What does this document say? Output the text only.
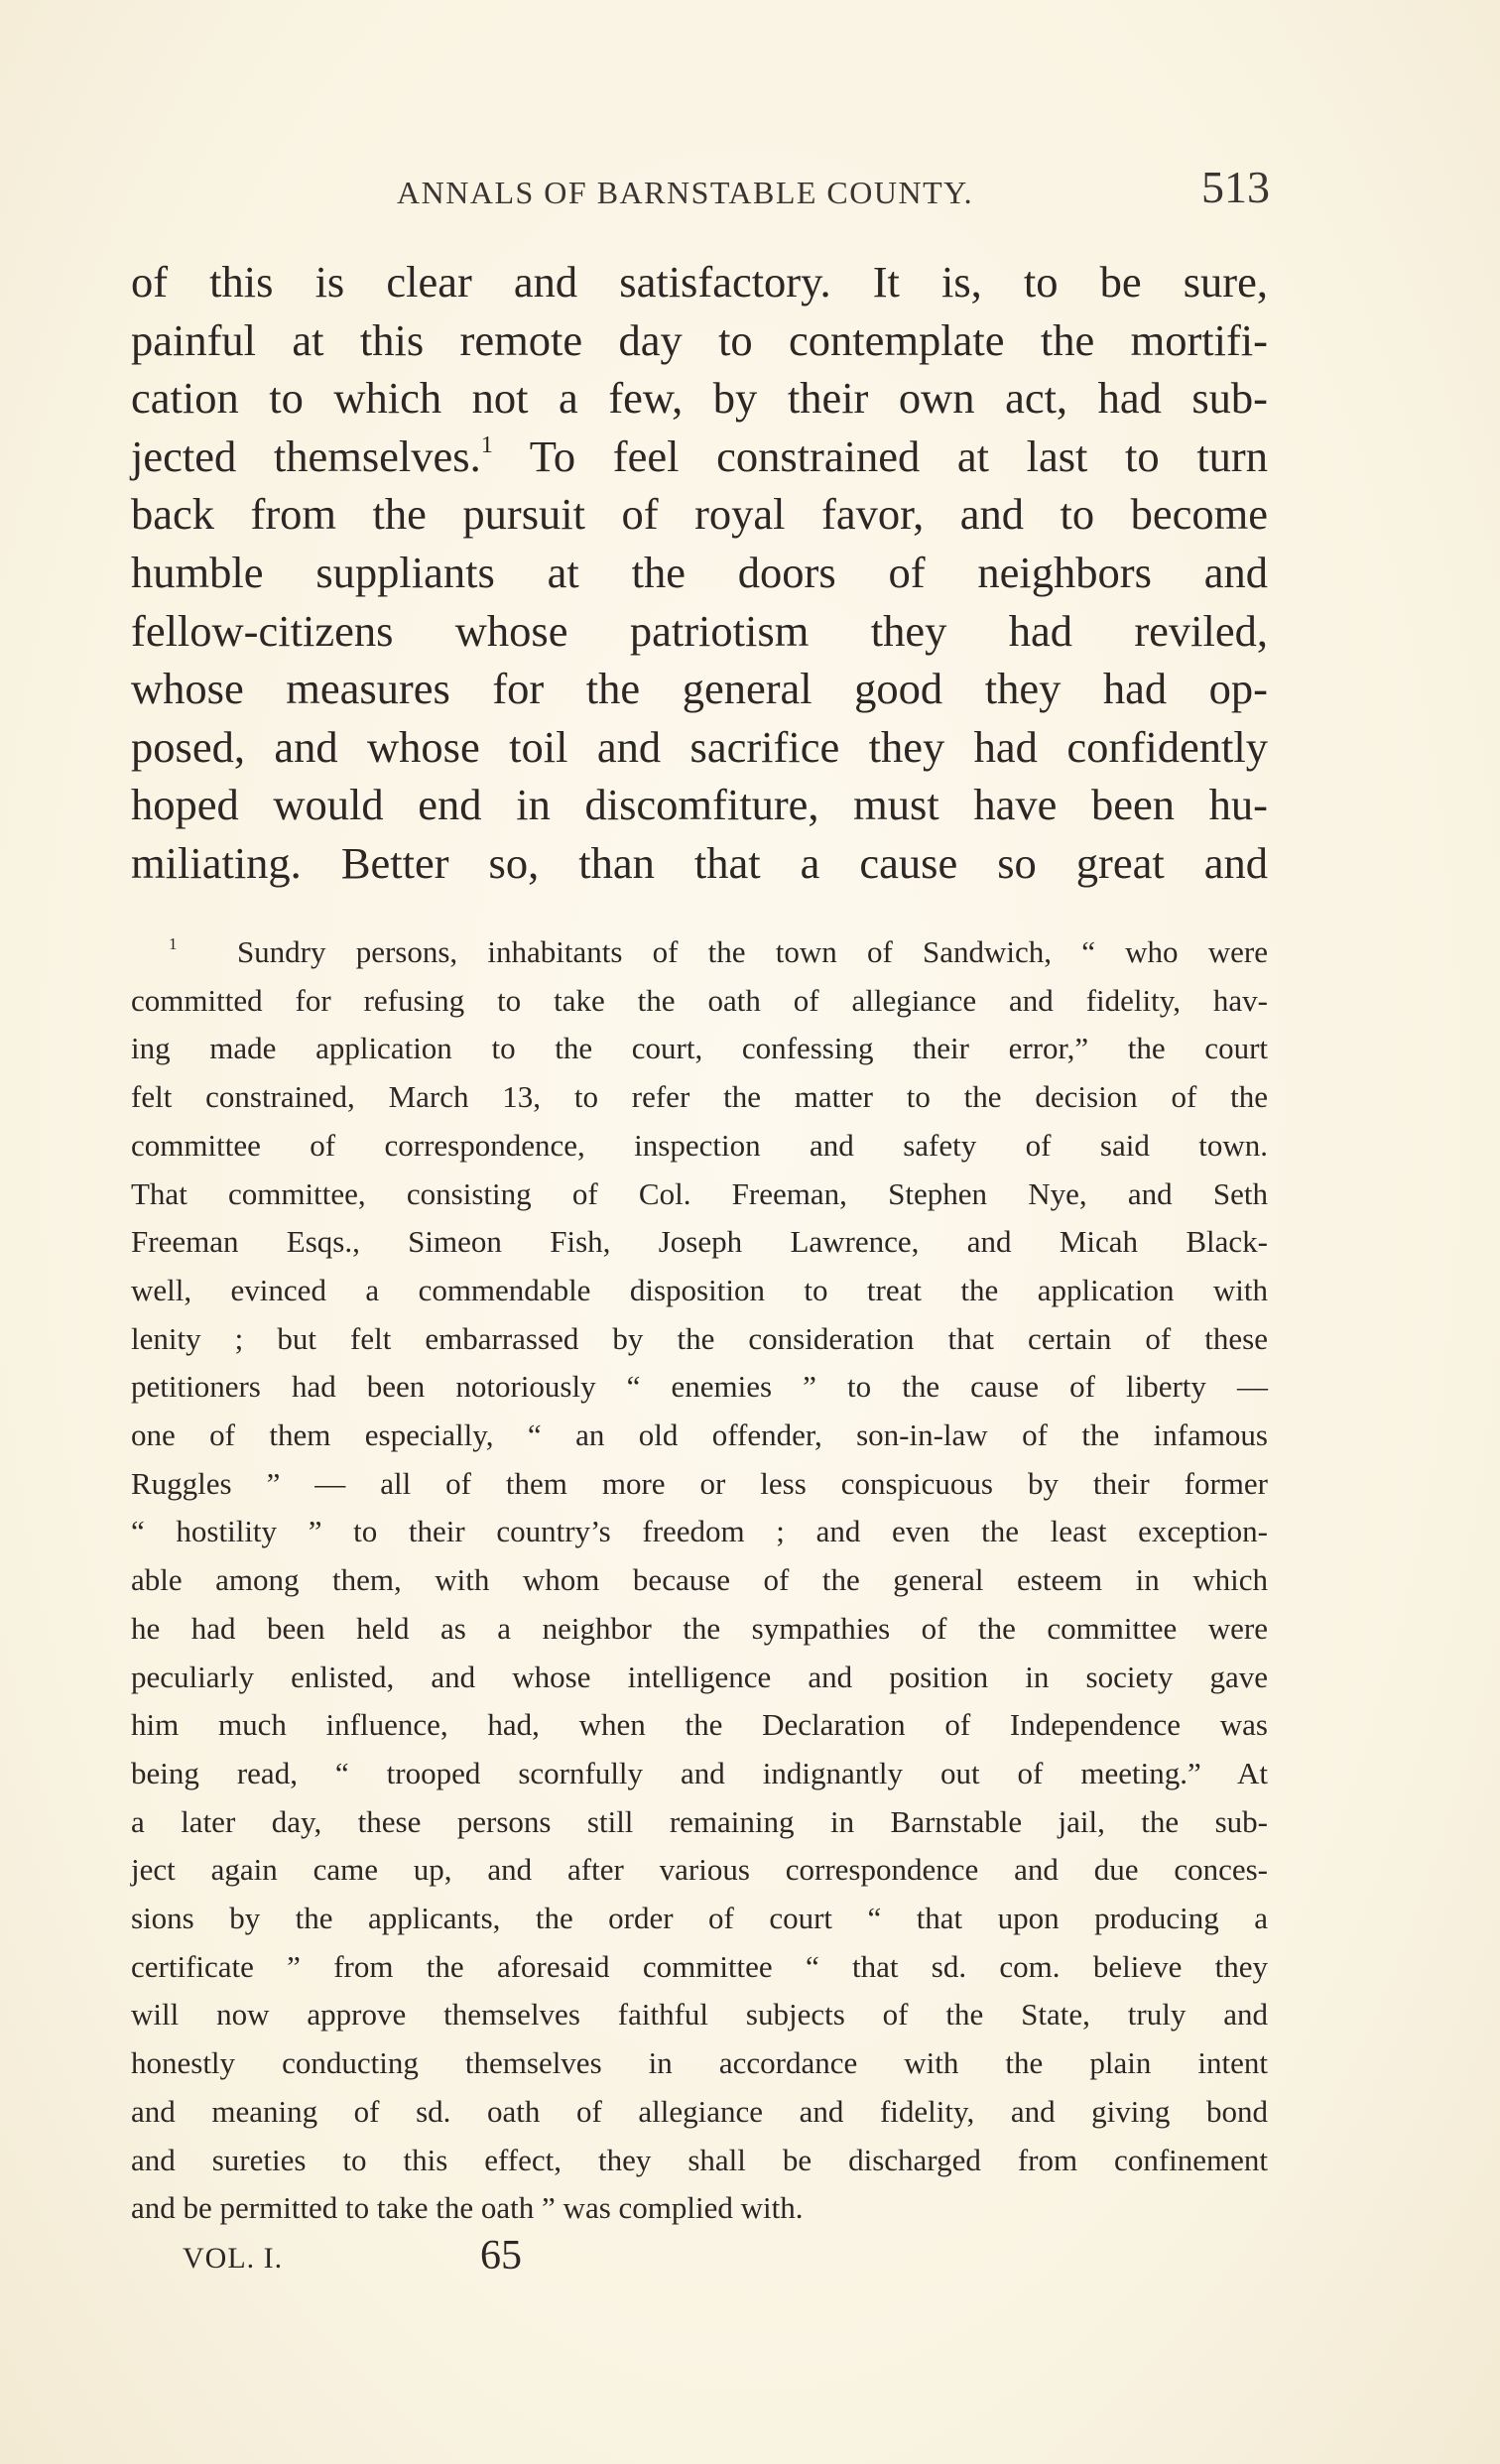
ANNALS OF BARNSTABLE COUNTY.	513
of this is clear and satisfactory. It is, to be sure,
painful at this remote day to contemplate the mortifi-
cation to which not a few, by their own act, had sub-
jected themselves.$^1$ To feel constrained at last to turn
back from the pursuit of royal favor, and to become
humble suppliants at the doors of neighbors and
fellow-citizens whose patriotism they had reviled,
whose measures for the general good they had op-
posed, and whose toil and sacrifice they had confidently
hoped would end in discomfiture, must have been hu-
miliating. Better so, than that a cause so great and
$^1$ Sundry persons, inhabitants of the town of Sandwich, “ who were
committed for refusing to take the oath of allegiance and fidelity, hav-
ing made application to the court, confessing their error,” the court
felt constrained, March 13, to refer the matter to the decision of the
committee of correspondence, inspection and safety of said town.
That committee, consisting of Col. Freeman, Stephen Nye, and Seth
Freeman Esqs., Simeon Fish, Joseph Lawrence, and Micah Black-
well, evinced a commendable disposition to treat the application with
lenity ; but felt embarrassed by the consideration that certain of these
petitioners had been notoriously “ enemies ” to the cause of liberty —
one of them especially, “ an old offender, son-in-law of the infamous
Ruggles ” — all of them more or less conspicuous by their former
“ hostility ” to their country’s freedom ; and even the least exception-
able among them, with whom because of the general esteem in which
he had been held as a neighbor the sympathies of the committee were
peculiarly enlisted, and whose intelligence and position in society gave
him much influence, had, when the Declaration of Independence was
being read, “ trooped scornfully and indignantly out of meeting.” At
a later day, these persons still remaining in Barnstable jail, the sub-
ject again came up, and after various correspondence and due conces-
sions by the applicants, the order of court “ that upon producing a
certificate ” from the aforesaid committee “ that sd. com. believe they
will now approve themselves faithful subjects of the State, truly and
honestly conducting themselves in accordance with the plain intent
and meaning of sd. oath of allegiance and fidelity, and giving bond
and sureties to this effect, they shall be discharged from confinement
and be permitted to take the oath ” was complied with.
VOL. I.	65
